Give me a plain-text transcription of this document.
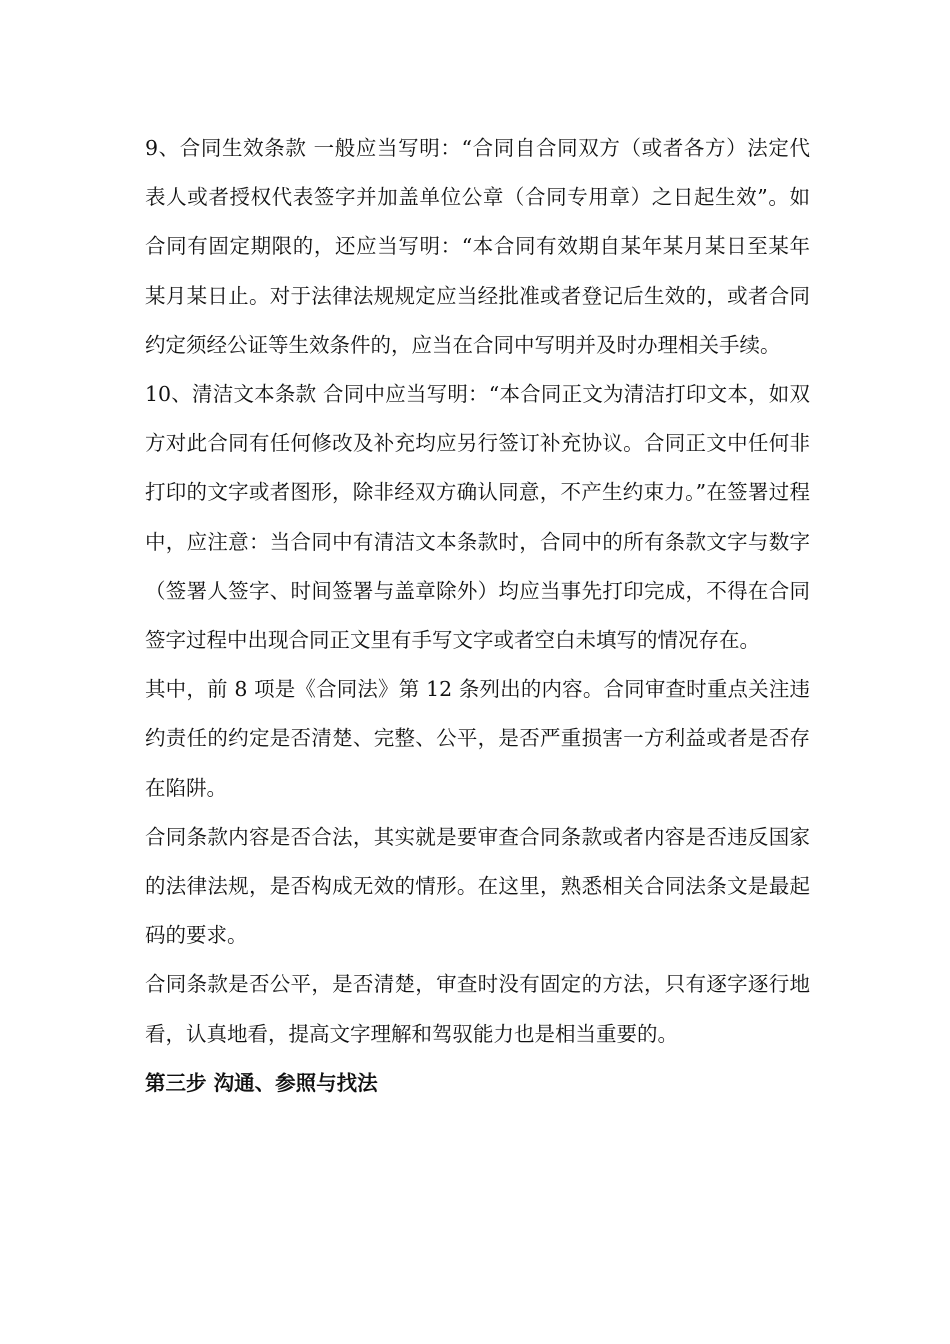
9、合同生效条款 一般应当写明：“合同自合同双方（或者各方）法定代表人或者授权代表签字并加盖单位公章（合同专用章）之日起生效”。如合同有固定期限的，还应当写明：“本合同有效期自某年某月某日至某年某月某日止。对于法律法规规定应当经批准或者登记后生效的，或者合同约定须经公证等生效条件的，应当在合同中写明并及时办理相关手续。

10、清洁文本条款 合同中应当写明：“本合同正文为清洁打印文本，如双方对此合同有任何修改及补充均应另行签订补充协议。合同正文中任何非打印的文字或者图形，除非经双方确认同意，不产生约束力。”在签署过程中，应注意：当合同中有清洁文本条款时，合同中的所有条款文字与数字（签署人签字、时间签署与盖章除外）均应当事先打印完成，不得在合同签字过程中出现合同正文里有手写文字或者空白未填写的情况存在。

其中，前 8 项是《合同法》第 12 条列出的内容。合同审查时重点关注违约责任的约定是否清楚、完整、公平，是否严重损害一方利益或者是否存在陷阱。

合同条款内容是否合法，其实就是要审查合同条款或者内容是否违反国家的法律法规，是否构成无效的情形。在这里，熟悉相关合同法条文是最起码的要求。

合同条款是否公平，是否清楚，审查时没有固定的方法，只有逐字逐行地看，认真地看，提高文字理解和驾驭能力也是相当重要的。

第三步 沟通、参照与找法
